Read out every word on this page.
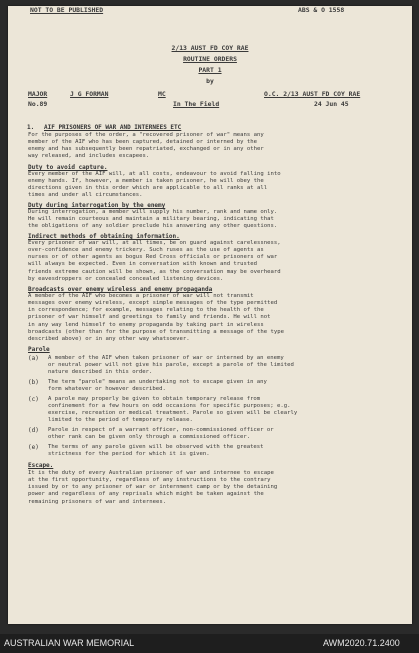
NOT TO BE PUBLISHED	ABS & O 1558
2/13 AUST FD COY RAE
ROUTINE ORDERS
PART 1
by
MAJOR	J G FORMAN	MC	O.C. 2/13 AUST FD COY RAE
No.89	In The Field	24 Jun 45
1. AIF PRISONERS OF WAR AND INTERNEES ETC
For the purposes of the order, a "recovered prisoner of war" means any
member of the AIF who has been captured, detained or interned by the
enemy and has subsequently been repatriated, exchanged or in any other
way released, and includes escapees.
Duty to avoid capture.
Every member of the AIF will, at all costs, endeavour to avoid falling into
enemy hands. If, however, a member is taken prisoner, he will obey the
directions given in this order which are applicable to all ranks at all
times and under all circumstances.
Duty during interrogation by the enemy
During interrogation, a member will supply his number, rank and name only.
He will remain courteous and maintain a military bearing, indicating that
the obligations of any soldier preclude his answering any other questions.
Indirect methods of obtaining information.
Every prisoner of war will, at all times, be on guard against carelessness,
over-confidence and enemy trickery. Such ruses as the use of agents as
nurses or of other agents as bogus Red Cross officials or prisoners of war
will always be expected. Even in conversation with known and trusted
friends extreme caution will be shown, as the conversation may be overheard
by eavesdroppers or concealed concealed listening devices.
Broadcasts over enemy wireless and enemy propaganda
A member of the AIF who becomes a prisoner of war will not transmit
messages over enemy wireless, except simple messages of the type permitted
in correspondence; for example, messages relating to the health of the
prisoner of war himself and greetings to family and friends. He will not
in any way lend himself to enemy propaganda by taking part in wireless
broadcasts (other than for the purpose of transmitting a message of the type
described above) or in any other way whatsoever.
Parole
(a) A member of the AIF when taken prisoner of war or interned by an enemy
or neutral power will not give his parole, except a parole of the limited
nature described in this order.
(b) The term "parole" means an undertaking not to escape given in any
form whatever or however described.
(c) A parole may properly be given to obtain temporary release from
confinement for a few hours on odd occasions for specific purposes; e.g.
exercise, recreation or medical treatment. Parole so given will be clearly
limited to the period of temporary release.
(d) Parole in respect of a warrant officer, non-commissioned officer or
other rank can be given only through a commissioned officer.
(e) The terms of any parole given will be observed with the greatest
strictness for the period for which it is given.
Escape.
It is the duty of every Australian prisoner of war and internee to escape
at the first opportunity, regardless of any instructions to the contrary
issued by or to any prisoner of war or internment camp or by the detaining
power and regardless of any reprisals which might be taken against the
remaining prisoners of war and internees.
AUSTRALIAN WAR MEMORIAL	AWM2020.71.2400
